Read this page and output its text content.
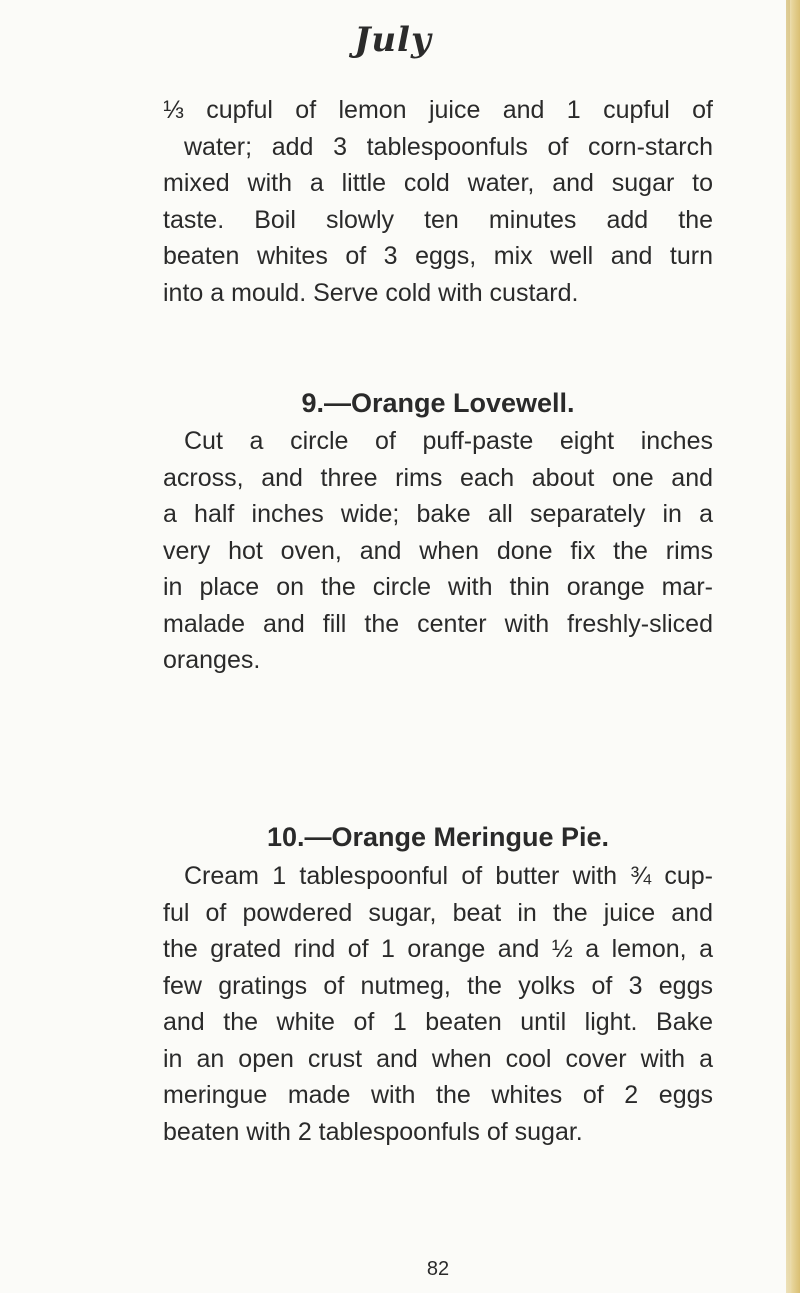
July
⅓ cupful of lemon juice and 1 cupful of
water; add 3 tablespoonfuls of corn-starch
mixed with a little cold water, and sugar to
taste. Boil slowly ten minutes add the
beaten whites of 3 eggs, mix well and turn
into a mould. Serve cold with custard.
9.—Orange Lovewell.
Cut a circle of puff-paste eight inches
across, and three rims each about one and
a half inches wide; bake all separately in a
very hot oven, and when done fix the rims
in place on the circle with thin orange mar-
malade and fill the center with freshly-sliced
oranges.
10.—Orange Meringue Pie.
Cream 1 tablespoonful of butter with ¾ cup-
ful of powdered sugar, beat in the juice and
the grated rind of 1 orange and ½ a lemon, a
few gratings of nutmeg, the yolks of 3 eggs
and the white of 1 beaten until light. Bake
in an open crust and when cool cover with a
meringue made with the whites of 2 eggs
beaten with 2 tablespoonfuls of sugar.
82
